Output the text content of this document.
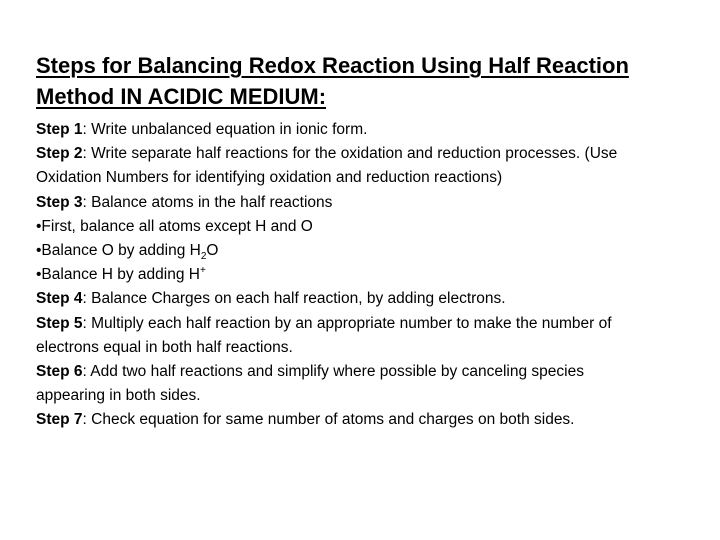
Steps for Balancing Redox Reaction Using Half Reaction Method IN ACIDIC MEDIUM:

Step 1: Write unbalanced equation in ionic form.

Step 2: Write separate half reactions for the oxidation and reduction processes. (Use Oxidation Numbers for identifying oxidation and reduction reactions)

Step 3: Balance atoms in the half reactions

•First, balance all atoms except H and O

•Balance O by adding $H_2O$

•Balance H by adding H+

Step 4: Balance Charges on each half reaction, by adding electrons.

Step 5: Multiply each half reaction by an appropriate number to make the number of electrons equal in both half reactions.

Step 6: Add two half reactions and simplify where possible by canceling species appearing in both sides.

Step 7: Check equation for same number of atoms and charges on both sides.
